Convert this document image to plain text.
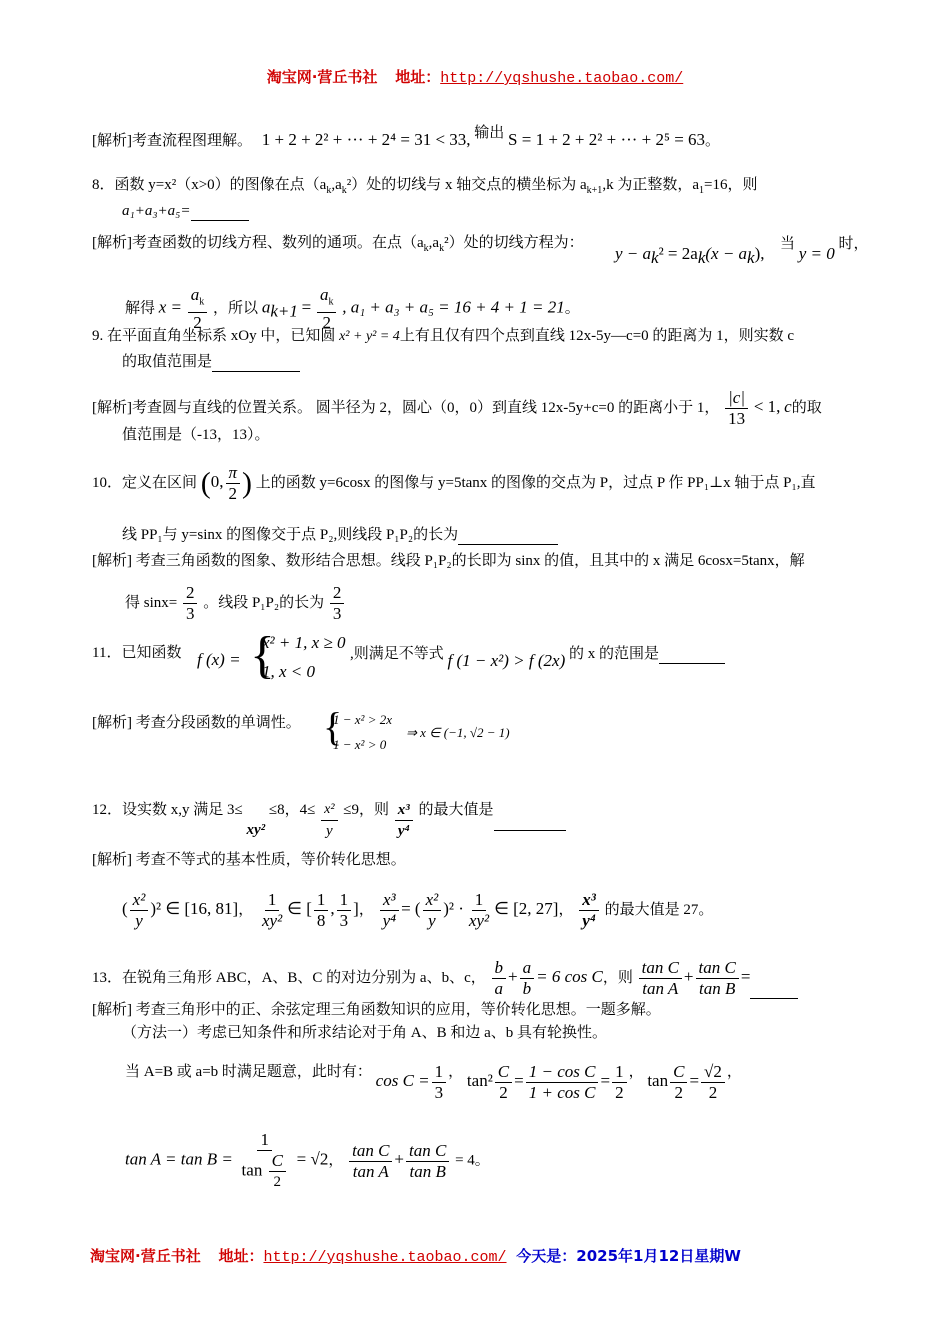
淘宝网·营丘书社 地址：http://yqshushe.taobao.com/
[解析]考查流程图理解。 1 + 2 + 2² + ··· + 2⁴ = 31 < 33, 输出 S = 1 + 2 + 2² + ··· + 2⁵ = 63。
8．函数 y=x²（x>0）的图像在点$(a_k,a_k^2)$处的切线与 x 轴交点的横坐标为 $a_{k+1},k$ 为正整数，$a_1=16$，则
a₁+a₃+a₅=
[解析]考查函数的切线方程、数列的通项。在点$(a_k,a_k^2)$处的切线方程为：
$y - a_k^2 = 2a_k(x - a_k)$, 当 y = 0 时，
解得 $x = \frac{a_k}{2}$ ，所以 $a_{k+1} = \frac{a_k}{2}$ , a₁ + a₃ + a₅ = 16 + 4 + 1 = 21。
9. 在平面直角坐标系 xOy 中，已知圆 x² + y² = 4上有且仅有四个点到直线 12x-5y—c=0 的距离为 1，则实数 c
的取值范围是
[解析]考查圆与直线的位置关系。 圆半径为 2，圆心（0，0）到直线 12x-5y+c=0 的距离小于 1， $\frac{|c|}{13} < 1$, c的取
值范围是（-13，13）。
10．定义在区间 (0, $\frac{\pi}{2}$ ) 上的函数 y=6cosx 的图像与 y=5tanx 的图像的交点为 P，过点 P 作 PP₁⊥x 轴于点 P₁,直
线 PP₁与 y=sinx 的图像交于点 P₂,则线段 P₁P₂的长为
[解析] 考查三角函数的图象、数形结合思想。线段 P₁P₂的长即为 sinx 的值，且其中的 x 满足 6cosx=5tanx，解
得 $\sin x= \frac{2}{3}$ 。线段 P₁P₂的长为 $\frac{2}{3}$
11．已知函数 f (x) = {
x² + 1, x ≥ 0
1, x < 0
,则满足不等式 f (1 − x²) > f (2x) 的 x 的范围是
[解析] 考查分段函数的单调性。 {
1 − x² > 2x
1 − x² > 0
⇒ x ∈ (−1, √2 − 1)
12．设实数 x,y 满足 3≤ xy² ≤8，$4\le \frac{\text{x²}}{y} \le 9$，则 $\frac{\text{x³}}{\text{y⁴}}$ 的最大值是
[解析] 考查不等式的基本性质，等价转化思想。
( $\frac{\text{x²}}{y} )^2$ ∈ [16, 81]， $\frac{1}{\text{xy²}}$ ∈ [ $\frac{1}{8}$ , $\frac{1}{3}$ ]， $\frac{\text{x³}}{\text{y⁴}}$ = ( $\frac{\text{x²}}{y} )^2 \cdot \frac{1}{\text{xy²}}$ ∈ [2, 27]， $\frac{\text{x³}}{\text{y⁴}}$ 的最大值是 27。
13．在锐角三角形 ABC，A、B、C 的对边分别为 a、b、c， $\frac{b}{a} + \frac{a}{b} = 6$ cos C，则 $\frac{\text{tan C}}{\text{tan A}} + \frac{\text{tan C}}{\text{tan B}}$ =
[解析] 考查三角形中的正、余弦定理三角函数知识的应用，等价转化思想。一题多解。
（方法一）考虑已知条件和所求结论对于角 A、B 和边 a、b 具有轮换性。
当 A=B 或 a=b 时满足题意，此时有： $\cos C = \frac{1}{3}$ ， $\tan^2 \frac{C}{2} = \frac{\text{1 − cos C}}{\text{1 + cos C}} = \frac{1}{2}$ ， $\tan \frac{C}{2} = \frac{√2}{2}$ ，
$\tan A = \tan B = \frac{1}{\tan \frac{C}{2}} = √2$， $\frac{\text{tan C}}{\text{tan A}} + \frac{\text{tan C}}{\text{tan B}} = 4$。
淘宝网·营丘书社 地址：http://yqshushe.taobao.com/ 今天是：2025年1月12日星期W
